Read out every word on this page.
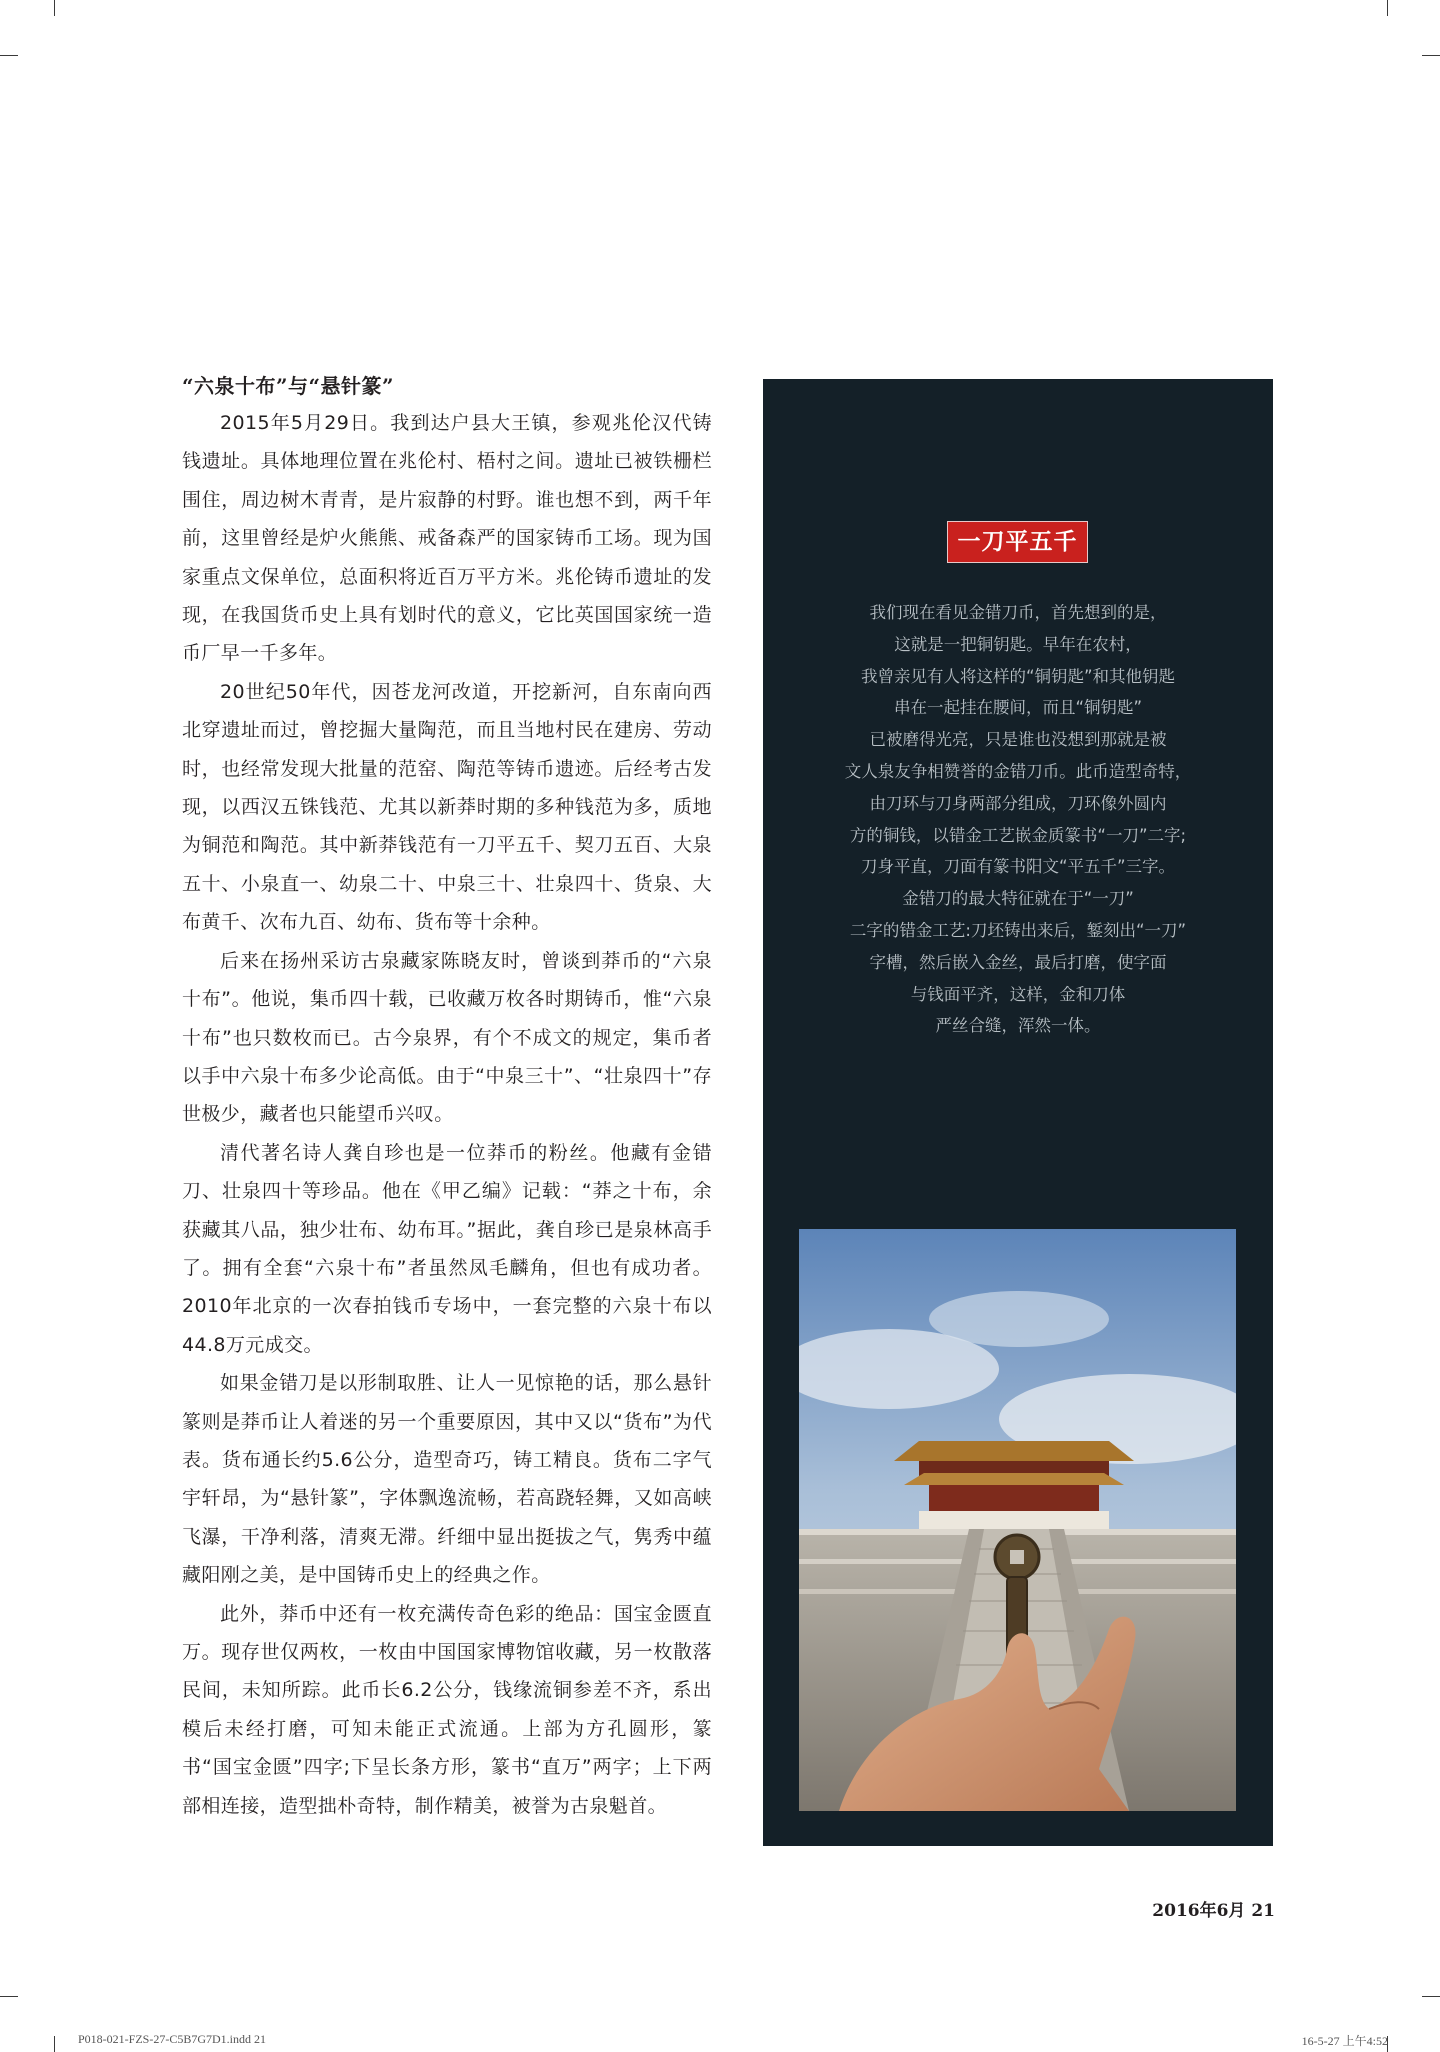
“六泉十布”与“悬针篆”

2015年5月29日。我到达户县大王镇，参观兆伦汉代铸钱遗址。具体地理位置在兆伦村、梧村之间。遗址已被铁栅栏围住，周边树木青青，是片寂静的村野。谁也想不到，两千年前，这里曾经是炉火熊熊、戒备森严的国家铸币工场。现为国家重点文保单位，总面积将近百万平方米。兆伦铸币遗址的发现，在我国货币史上具有划时代的意义，它比英国国家统一造币厂早一千多年。

20世纪50年代，因苍龙河改道，开挖新河，自东南向西北穿遗址而过，曾挖掘大量陶范，而且当地村民在建房、劳动时，也经常发现大批量的范窑、陶范等铸币遗迹。后经考古发现，以西汉五铢钱范、尤其以新莽时期的多种钱范为多，质地为铜范和陶范。其中新莽钱范有一刀平五千、契刀五百、大泉五十、小泉直一、幼泉二十、中泉三十、壮泉四十、货泉、大布黄千、次布九百、幼布、货布等十余种。

后来在扬州采访古泉藏家陈晓友时，曾谈到莽币的“六泉十布”。他说，集币四十载，已收藏万枚各时期铸币，惟“六泉十布”也只数枚而已。古今泉界，有个不成文的规定，集币者以手中六泉十布多少论高低。由于“中泉三十”、“壮泉四十”存世极少，藏者也只能望币兴叹。

清代著名诗人龚自珍也是一位莽币的粉丝。他藏有金错刀、壮泉四十等珍品。他在《甲乙编》记载：“莽之十布，余获藏其八品，独少壮布、幼布耳。”据此，龚自珍已是泉林高手了。拥有全套“六泉十布”者虽然凤毛麟角，但也有成功者。2010年北京的一次春拍钱币专场中，一套完整的六泉十布以44.8万元成交。

如果金错刀是以形制取胜、让人一见惊艳的话，那么悬针篆则是莽币让人着迷的另一个重要原因，其中又以“货布”为代表。货布通长约5.6公分，造型奇巧，铸工精良。货布二字气宇轩昂，为“悬针篆”，字体飘逸流畅，若高跷轻舞，又如高峡飞瀑，干净利落，清爽无滞。纤细中显出挺拔之气，隽秀中蕴藏阳刚之美，是中国铸币史上的经典之作。

此外，莽币中还有一枚充满传奇色彩的绝品：国宝金匮直万。现存世仅两枚，一枚由中国国家博物馆收藏，另一枚散落民间，未知所踪。此币长6.2公分，钱缘流铜参差不齐，系出模后未经打磨，可知未能正式流通。上部为方孔圆形，篆书“国宝金匮”四字;下呈长条方形，篆书“直万”两字；上下两部相连接，造型拙朴奇特，制作精美，被誉为古泉魁首。

一刀平五千
我们现在看见金错刀币，首先想到的是，
这就是一把铜钥匙。早年在农村，
我曾亲见有人将这样的“铜钥匙”和其他钥匙
串在一起挂在腰间，而且“铜钥匙”
已被磨得光亮，只是谁也没想到那就是被
文人泉友争相赞誉的金错刀币。此币造型奇特，
由刀环与刀身两部分组成，刀环像外圆内
方的铜钱，以错金工艺嵌金质篆书“一刀”二字;
刀身平直，刀面有篆书阳文“平五千”三字。
金错刀的最大特征就在于“一刀”
二字的错金工艺:刀坯铸出来后，錾刻出“一刀”
字槽，然后嵌入金丝，最后打磨，使字面
与钱面平齐，这样，金和刀体
严丝合缝，浑然一体。
2016年6月 21
P018-021-FZS-27-C5B7G7D1.indd 21	16-5-27 上午4:52
